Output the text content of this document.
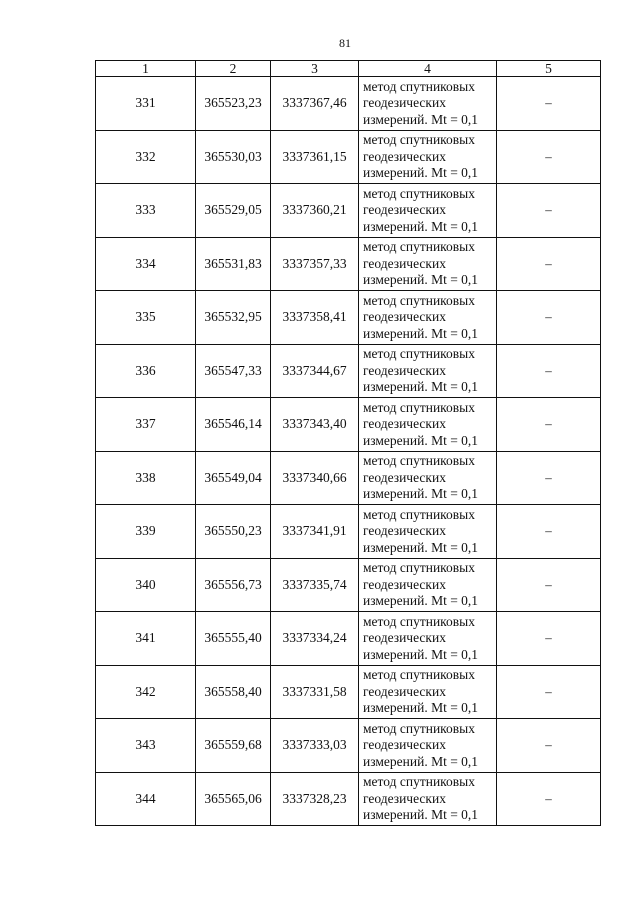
81
1	2	3	4	5
331	365523,23	3337367,46	метод спутниковых
геодезических
измерений. Mt = 0,1	–
332	365530,03	3337361,15	метод спутниковых
геодезических
измерений. Mt = 0,1	–
333	365529,05	3337360,21	метод спутниковых
геодезических
измерений. Mt = 0,1	–
334	365531,83	3337357,33	метод спутниковых
геодезических
измерений. Mt = 0,1	–
335	365532,95	3337358,41	метод спутниковых
геодезических
измерений. Mt = 0,1	–
336	365547,33	3337344,67	метод спутниковых
геодезических
измерений. Mt = 0,1	–
337	365546,14	3337343,40	метод спутниковых
геодезических
измерений. Mt = 0,1	–
338	365549,04	3337340,66	метод спутниковых
геодезических
измерений. Mt = 0,1	–
339	365550,23	3337341,91	метод спутниковых
геодезических
измерений. Mt = 0,1	–
340	365556,73	3337335,74	метод спутниковых
геодезических
измерений. Mt = 0,1	–
341	365555,40	3337334,24	метод спутниковых
геодезических
измерений. Mt = 0,1	–
342	365558,40	3337331,58	метод спутниковых
геодезических
измерений. Mt = 0,1	–
343	365559,68	3337333,03	метод спутниковых
геодезических
измерений. Mt = 0,1	–
344	365565,06	3337328,23	метод спутниковых
геодезических
измерений. Mt = 0,1	–
